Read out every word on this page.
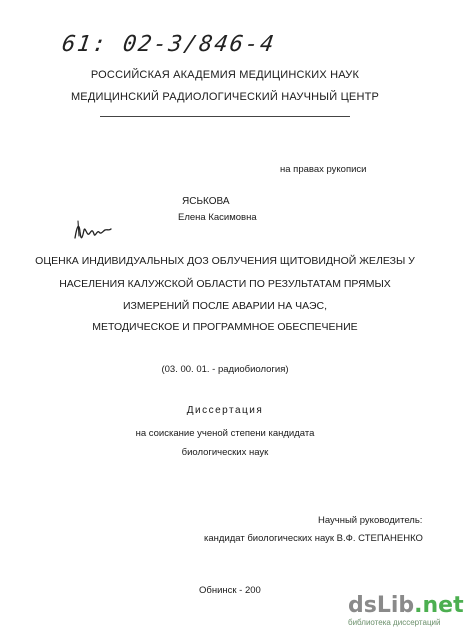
61: 02-3/846-4
РОССИЙСКАЯ АКАДЕМИЯ МЕДИЦИНСКИХ НАУК
МЕДИЦИНСКИЙ РАДИОЛОГИЧЕСКИЙ НАУЧНЫЙ ЦЕНТР
на правах рукописи
ЯСЬКОВА
Елена Касимовна
ОЦЕНКА ИНДИВИДУАЛЬНЫХ ДОЗ ОБЛУЧЕНИЯ ЩИТОВИДНОЙ ЖЕЛЕЗЫ У
НАСЕЛЕНИЯ КАЛУЖСКОЙ ОБЛАСТИ ПО РЕЗУЛЬТАТАМ ПРЯМЫХ
ИЗМЕРЕНИЙ ПОСЛЕ АВАРИИ НА ЧАЭС,
МЕТОДИЧЕСКОЕ И ПРОГРАММНОЕ ОБЕСПЕЧЕНИЕ
(03. 00. 01. - радиобиология)
Диссертация
на соискание ученой степени кандидата
биологических наук
Научный руководитель:
кандидат биологических наук В.Ф. СТЕПАНЕНКО
Обнинск - 200
dsLib.net
библиотека диссертаций
